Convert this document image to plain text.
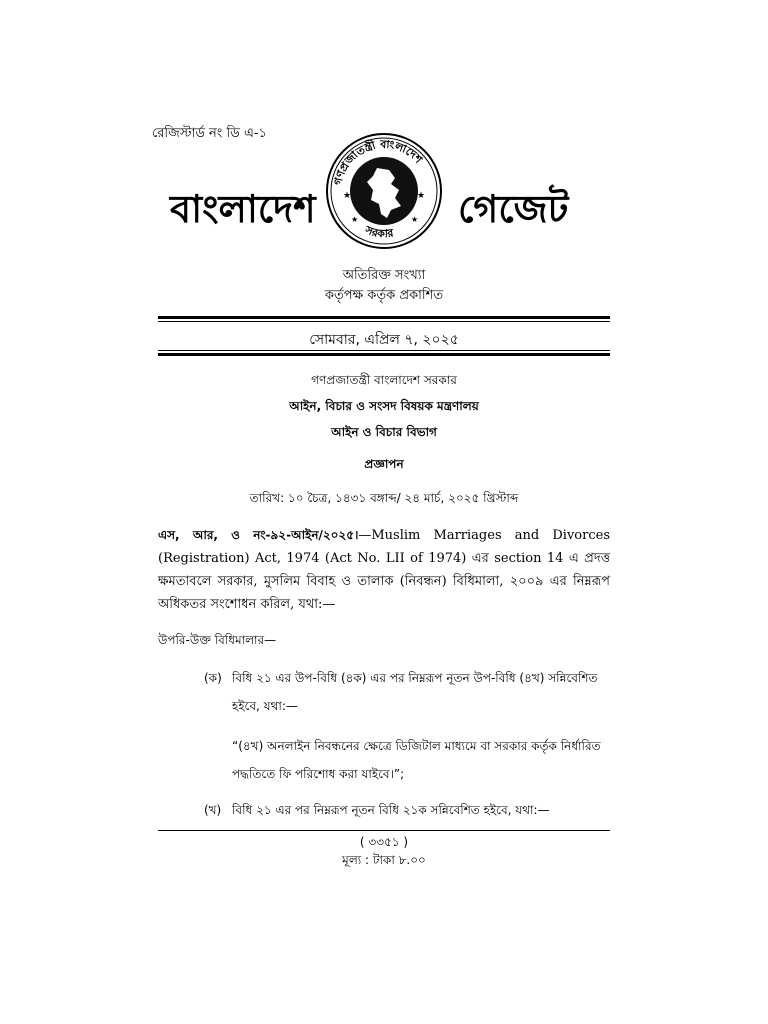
রেজিস্টার্ড নং ডি এ-১
বাংলাদেশ	গেজেট
★	★
★	★
গণপ্রজাতন্ত্রী বাংলাদেশ
সরকার
অতিরিক্ত সংখ্যা
কর্তৃপক্ষ কর্তৃক প্রকাশিত
সোমবার, এপ্রিল ৭, ২০২৫
গণপ্রজাতন্ত্রী বাংলাদেশ সরকার
আইন, বিচার ও সংসদ বিষয়ক মন্ত্রণালয়
আইন ও বিচার বিভাগ
প্রজ্ঞাপন
তারিখ: ১০ চৈত্র, ১৪৩১ বঙ্গাব্দ/ ২৪ মার্চ, ২০২৫ খ্রিস্টাব্দ
এস, আর, ও নং-৯২-আইন/২০২৫।—Muslim Marriages and Divorces (Registration) Act, 1974 (Act No. LII of 1974) এর section 14 এ প্রদত্ত ক্ষমতাবলে সরকার, মুসলিম বিবাহ ও তালাক (নিবন্ধন) বিধিমালা, ২০০৯ এর নিম্নরূপ অধিকতর সংশোধন করিল, যথা:—
উপরি-উক্ত বিধিমালার—
(ক) বিধি ২১ এর উপ-বিধি (৪ক) এর পর নিম্নরূপ নূতন উপ-বিধি (৪খ) সন্নিবেশিত হইবে, যথা:—
“(৪খ) অনলাইন নিবন্ধনের ক্ষেত্রে ডিজিটাল মাধ্যমে বা সরকার কর্তৃক নির্ধারিত পদ্ধতিতে ফি পরিশোধ করা যাইবে।”;
(খ) বিধি ২১ এর পর নিম্নরূপ নূতন বিধি ২১ক সন্নিবেশিত হইবে, যথা:—
( ৩৩৫১ )
মূল্য : টাকা ৮.০০
